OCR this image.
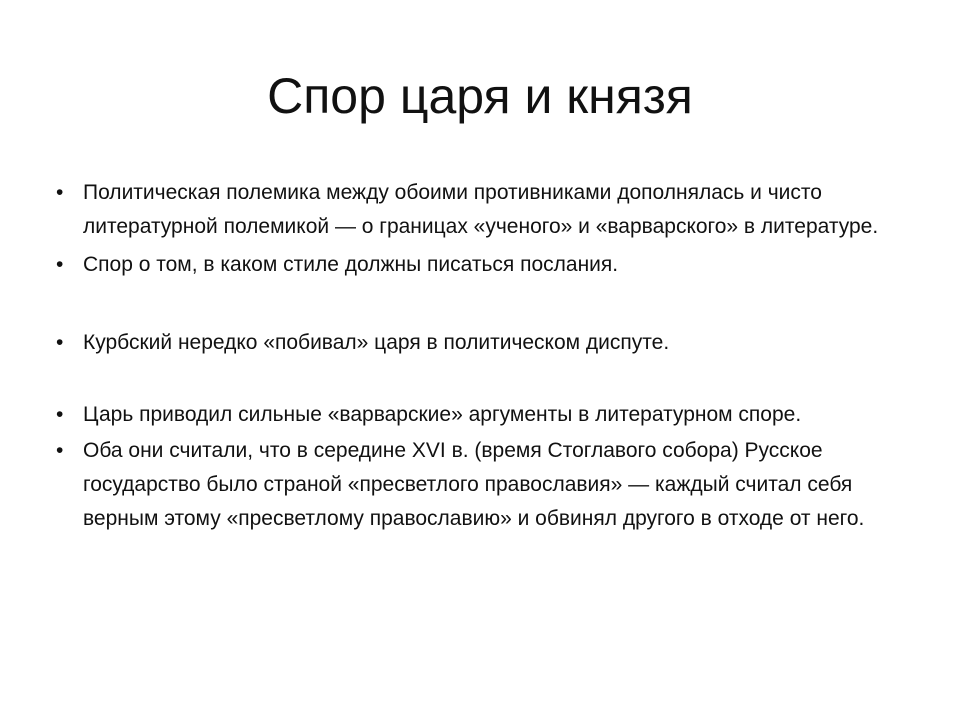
Спор царя и князя
• Политическая полемика между обоими противниками дополнялась и чисто литературной полемикой — о границах «ученого» и «варварского» в литературе.
• Спор о том, в каком стиле должны писаться послания.
• Курбский нередко «побивал» царя в политическом диспуте.
• Царь приводил сильные «варварские» аргументы в литературном споре.
• Оба они считали, что в середине XVI в. (время Стоглавого собора) Русское государство было страной «пресветлого православия» — каждый считал себя верным этому «пресветлому православию» и обвинял другого в отходе от него.
